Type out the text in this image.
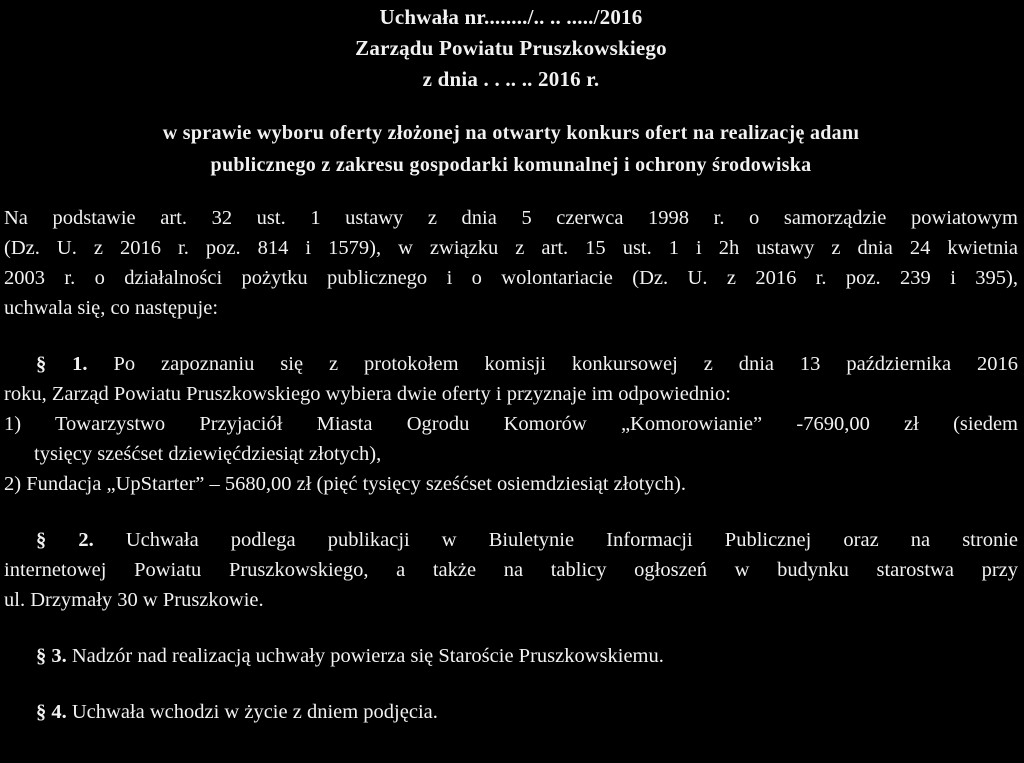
Uchwała nr......../.. .. ...../2016
Zarządu Powiatu Pruszkowskiego
z dnia . . .. .. 2016 r.
w sprawie wyboru oferty złożonej na otwarty konkurs ofert na realizację adanı
publicznego z zakresu gospodarki komunalnej i ochrony środowiska
Na podstawie art. 32 ust. 1 ustawy z dnia 5 czerwca 1998 r. o samorządzie powiatowym
(Dz. U. z 2016 r. poz. 814 i 1579), w związku z art. 15 ust. 1 i 2h ustawy z dnia 24 kwietnia
2003 r. o działalności pożytku publicznego i o wolontariacie (Dz. U. z 2016 r. poz. 239 i 395),
uchwala się, co następuje:
§ 1. Po zapoznaniu się z protokołem komisji konkursowej z dnia 13 października 2016
roku, Zarząd Powiatu Pruszkowskiego wybiera dwie oferty i przyznaje im odpowiednio:
1) Towarzystwo Przyjaciół Miasta Ogrodu Komorów „Komorowianie” -7690,00 zł (siedem
tysięcy sześćset dziewięćdziesiąt złotych),
2) Fundacja „UpStarter” – 5680,00 zł (pięć tysięcy sześćset osiemdziesiąt złotych).
§ 2. Uchwała podlega publikacji w Biuletynie Informacji Publicznej oraz na stronie
internetowej Powiatu Pruszkowskiego, a także na tablicy ogłoszeń w budynku starostwa przy
ul. Drzymały 30 w Pruszkowie.
§ 3. Nadzór nad realizacją uchwały powierza się Staroście Pruszkowskiemu.
§ 4. Uchwała wchodzi w życie z dniem podjęcia.
